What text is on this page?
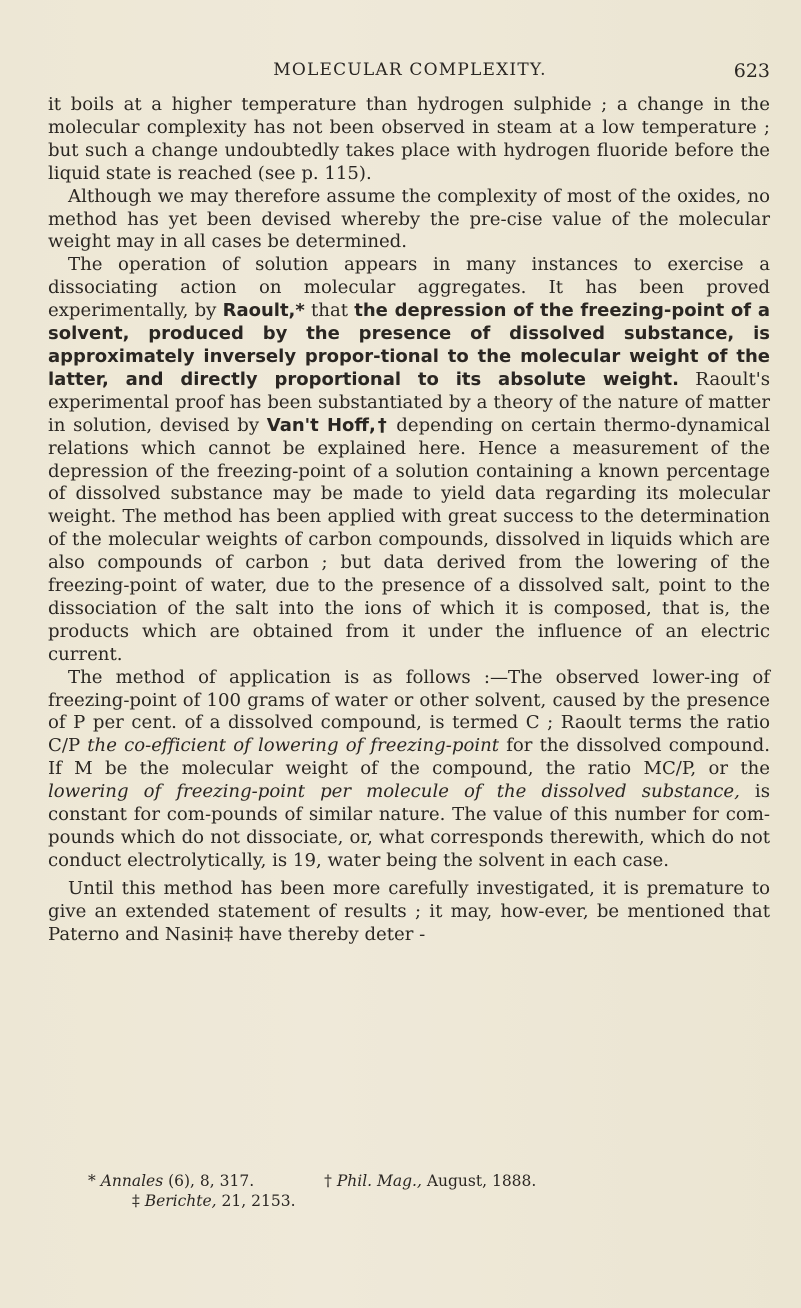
MOLECULAR COMPLEXITY.	623

it boils at a higher temperature than hydrogen sulphide ; a change in the molecular complexity has not been observed in steam at a low temperature ; but such a change undoubtedly takes place with hydrogen fluoride before the liquid state is reached (see p. 115).

Although we may therefore assume the complexity of most of the oxides, no method has yet been devised whereby the pre-cise value of the molecular weight may in all cases be determined.

The operation of solution appears in many instances to exercise a dissociating action on molecular aggregates. It has been proved experimentally, by Raoult,* that the depression of the freezing-point of a solvent, produced by the presence of dissolved substance, is approximately inversely propor-tional to the molecular weight of the latter, and directly proportional to its absolute weight. Raoult's experimental proof has been substantiated by a theory of the nature of matter in solution, devised by Van't Hoff,† depending on certain thermo-dynamical relations which cannot be explained here. Hence a measurement of the depression of the freezing-point of a solution containing a known percentage of dissolved substance may be made to yield data regarding its molecular weight. The method has been applied with great success to the determination of the molecular weights of carbon compounds, dissolved in liquids which are also compounds of carbon ; but data derived from the lowering of the freezing-point of water, due to the presence of a dissolved salt, point to the dissociation of the salt into the ions of which it is composed, that is, the products which are obtained from it under the influence of an electric current.

The method of application is as follows :—The observed lower-ing of freezing-point of 100 grams of water or other solvent, caused by the presence of P per cent. of a dissolved compound, is termed C ; Raoult terms the ratio C/P the co-efficient of lowering of freezing-point for the dissolved compound. If M be the molecular weight of the compound, the ratio MC/P, or the lowering of freezing-point per molecule of the dissolved substance, is constant for com-pounds of similar nature. The value of this number for com-pounds which do not dissociate, or, what corresponds therewith, which do not conduct electrolytically, is 19, water being the solvent in each case.

Until this method has been more carefully investigated, it is premature to give an extended statement of results ; it may, how-ever, be mentioned that Paterno and Nasini‡ have thereby deter -

* Annales (6), 8, 317.	† Phil. Mag., August, 1888.
‡ Berichte, 21, 2153.
